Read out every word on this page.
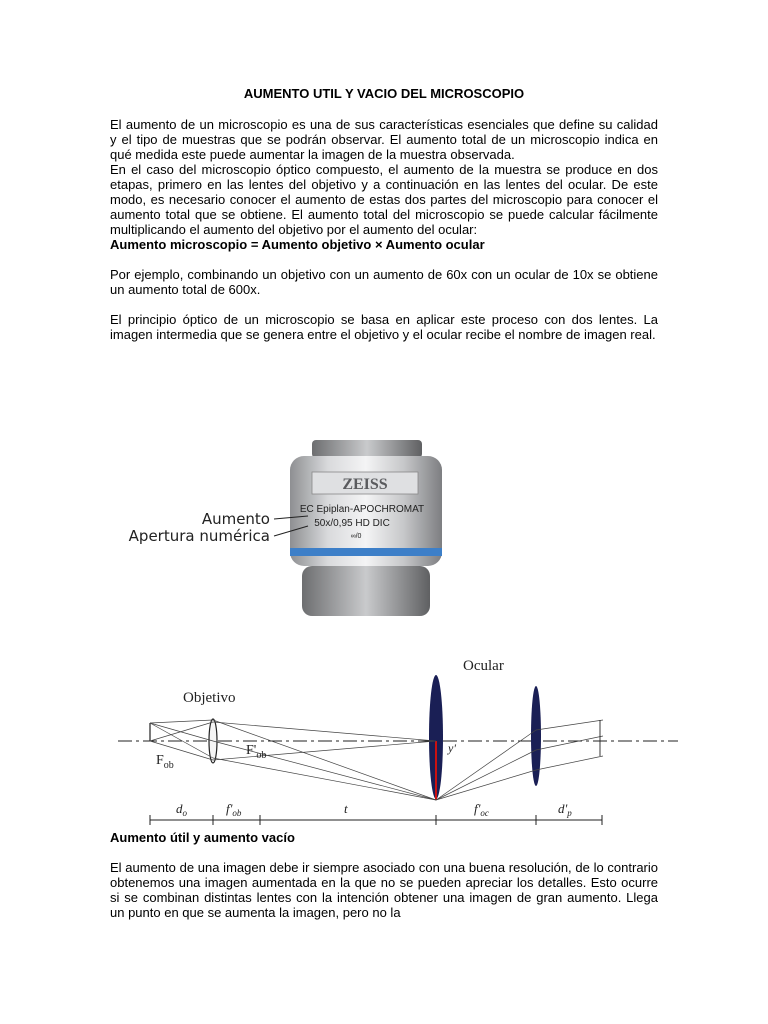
AUMENTO UTIL Y VACIO DEL MICROSCOPIO

El aumento de un microscopio es una de sus características esenciales que define su calidad y el tipo de muestras que se podrán observar. El aumento total de un microscopio indica en qué medida este puede aumentar la imagen de la muestra observada.

En el caso del microscopio óptico compuesto, el aumento de la muestra se produce en dos etapas, primero en las lentes del objetivo y a continuación en las lentes del ocular. De este modo, es necesario conocer el aumento de estas dos partes del microscopio para conocer el aumento total que se obtiene. El aumento total del microscopio se puede calcular fácilmente multiplicando el aumento del objetivo por el aumento del ocular:

Aumento microscopio = Aumento objetivo × Aumento ocular

Por ejemplo, combinando un objetivo con un aumento de 60x con un ocular de 10x se obtiene un aumento total de 600x.

El principio óptico de un microscopio se basa en aplicar este proceso con dos lentes. La imagen intermedia que se genera entre el objetivo y el ocular recibe el nombre de imagen real.

ZEISS
EC Epiplan-APOCHROMAT
50x/0,95 HD DIC
∞/0
Aumento
Apertura numérica
Objetivo
Ocular
$F_{ob}$
$F'_{ob}$
y'
$d_o$	$f'_{ob}$	t	$f'_{oc}$	$d'_p$

Aumento útil y aumento vacío

El aumento de una imagen debe ir siempre asociado con una buena resolución, de lo contrario obtenemos una imagen aumentada en la que no se pueden apreciar los detalles. Esto ocurre si se combinan distintas lentes con la intención obtener una imagen de gran aumento. Llega un punto en que se aumenta la imagen, pero no la
